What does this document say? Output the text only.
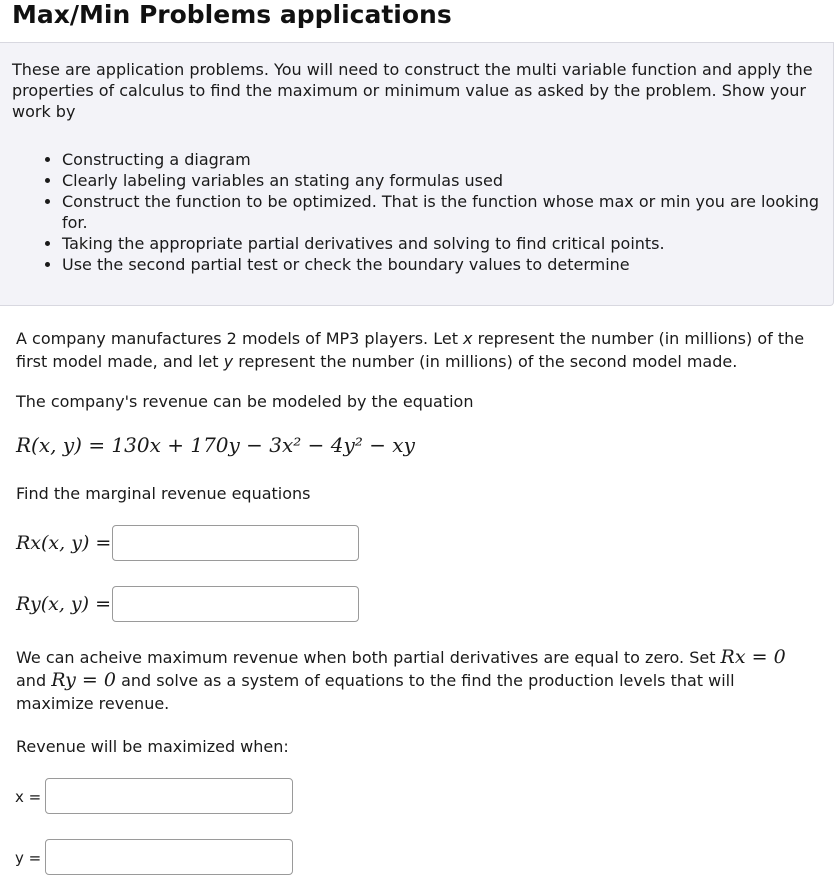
Max/Min Problems applications
These are application problems. You will need to construct the multi variable function and apply the properties of calculus to find the maximum or minimum value as asked by the problem. Show your work by
• Constructing a diagram
• Clearly labeling variables an stating any formulas used
• Construct the function to be optimized. That is the function whose max or min you are looking for.
• Taking the appropriate partial derivatives and solving to find critical points.
• Use the second partial test or check the boundary values to determine
A company manufactures 2 models of MP3 players. Let x represent the number (in millions) of the first model made, and let y represent the number (in millions) of the second model made.
The company's revenue can be modeled by the equation
R(x, y) = 130x + 170y − 3x² − 4y² − xy
Find the marginal revenue equations
Rx(x, y) =
Ry(x, y) =
We can acheive maximum revenue when both partial derivatives are equal to zero. Set Rx = 0
and Ry = 0 and solve as a system of equations to the find the production levels that will maximize revenue.
Revenue will be maximized when:
x =
y =
